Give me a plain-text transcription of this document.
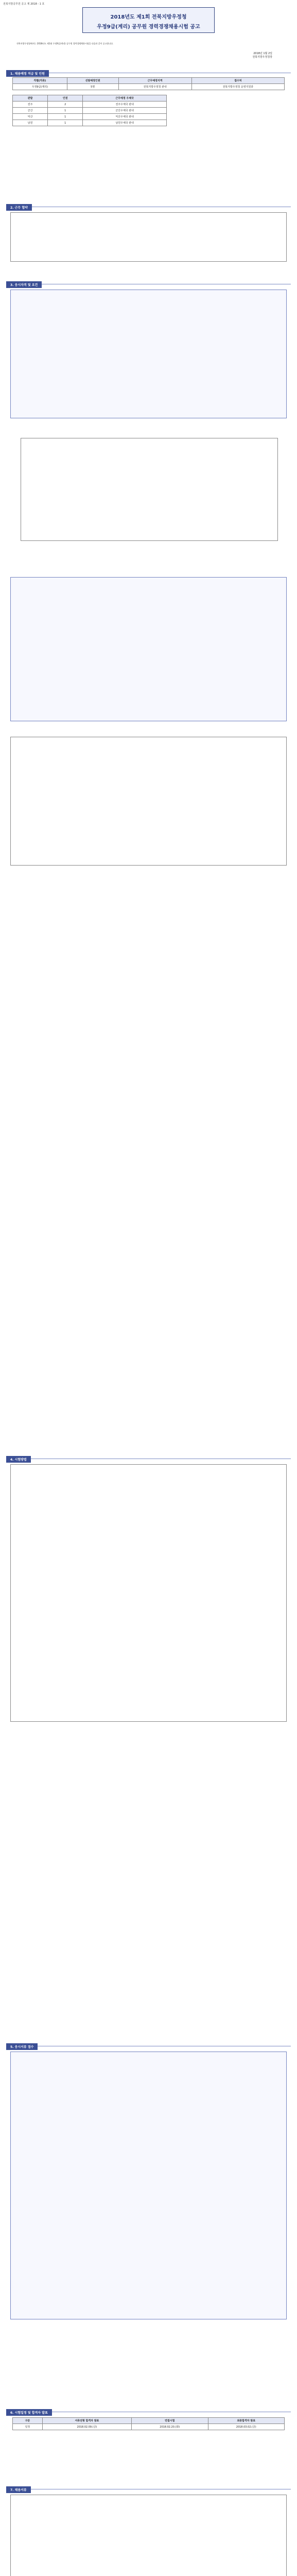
전북지방공무원 공고 제 2018 - 1 호
2018년도 제1회 전북지방우정청
우정9급(계리) 공무원 경력경쟁채용시험 공고
전북지방우정청에서는 2018년도 제1회 우정9급(계리) 공무원 경력경쟁채용시험을 다음과 같이 공고합니다.
2018년 1월 2일
전북지방우정청장
1. 채용예정 직급 및 인원
직렬(직류)	선발예정인원	근무예정지역	접수처
우정9급(계리)	5명	전북지방우정청 관내	전북지방우정청 운영지원과
관할	인원	근무예정 우체국
전주	2	전주우체국 관내
군산	1	군산우체국 관내
익산	1	익산우체국 관내
남원	1	남원우체국 관내
2. 근무 협약
3. 응시자격 및 요건
4. 시험방법
5. 응시서류 접수
6. 시험일정 및 합격자 발표
구분	서류전형 합격자 발표	면접시험	최종합격자 발표
일정	2018.02.09.(금)	2018.02.20.(화)	2018.03.02.(금)
7. 채용서류
